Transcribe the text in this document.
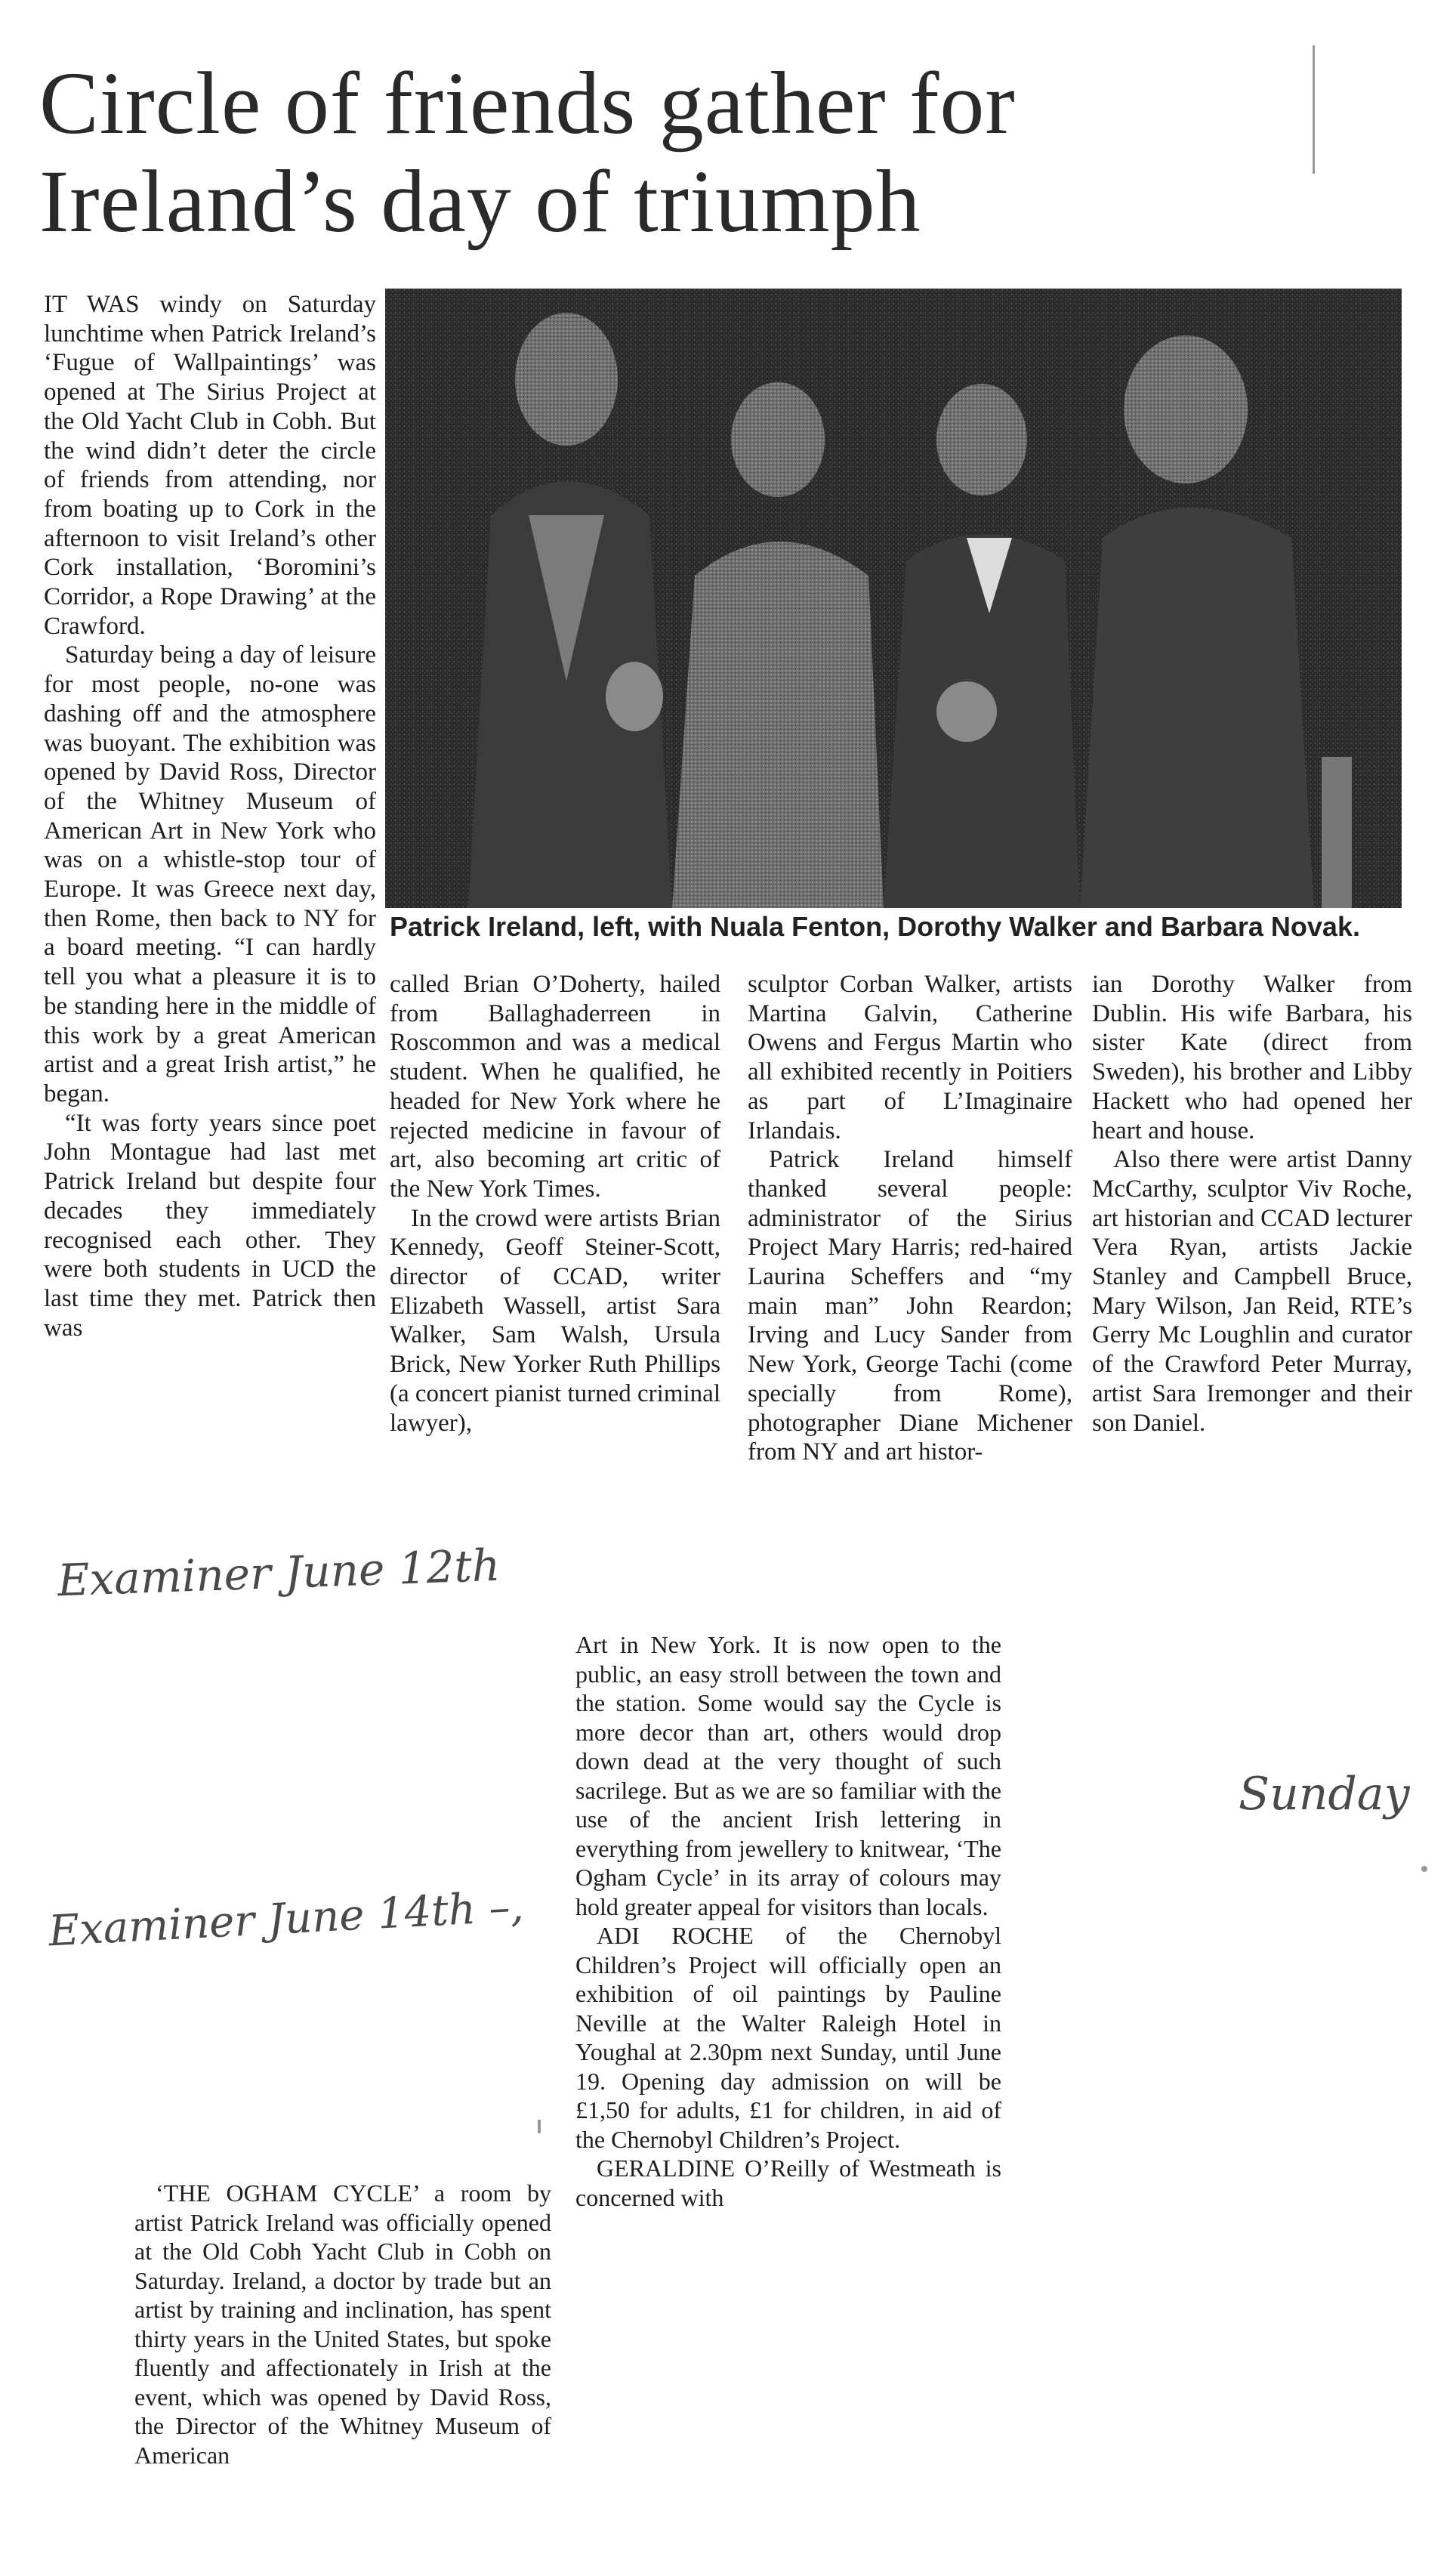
Circle of friends gather for
Ireland’s day of triumph

IT WAS windy on Saturday lunchtime when Patrick Ireland’s ‘Fugue of Wallpaintings’ was opened at The Sirius Project at the Old Yacht Club in Cobh. But the wind didn’t deter the circle of friends from attending, nor from boating up to Cork in the afternoon to visit Ireland’s other Cork installation, ‘Boromini’s Corridor, a Rope Drawing’ at the Crawford.

Saturday being a day of leisure for most people, no-one was dashing off and the atmosphere was buoyant. The exhibition was opened by David Ross, Director of the Whitney Museum of American Art in New York who was on a whistle-stop tour of Europe. It was Greece next day, then Rome, then back to NY for a board meeting. “I can hardly tell you what a pleasure it is to be standing here in the middle of this work by a great American artist and a great Irish artist,” he began.

“It was forty years since poet John Montague had last met Patrick Ireland but despite four decades they immediately recognised each other. They were both students in UCD the last time they met. Patrick then was

Patrick Ireland, left, with Nuala Fenton, Dorothy Walker and Barbara Novak.

called Brian O’Doherty, hailed from Ballaghaderreen in Roscommon and was a medical student. When he qualified, he headed for New York where he rejected medicine in favour of art, also becoming art critic of the New York Times.

In the crowd were artists Brian Kennedy, Geoff Steiner-Scott, director of CCAD, writer Elizabeth Wassell, artist Sara Walker, Sam Walsh, Ursula Brick, New Yorker Ruth Phillips (a concert pianist turned criminal lawyer),

sculptor Corban Walker, artists Martina Galvin, Catherine Owens and Fergus Martin who all exhibited recently in Poitiers as part of L’Imaginaire Irlandais.

Patrick Ireland himself thanked several people: administrator of the Sirius Project Mary Harris; red-haired Laurina Scheffers and “my main man” John Reardon; Irving and Lucy Sander from New York, George Tachi (come specially from Rome), photographer Diane Michener from NY and art histor-

ian Dorothy Walker from Dublin. His wife Barbara, his sister Kate (direct from Sweden), his brother and Libby Hackett who had opened her heart and house.

Also there were artist Danny McCarthy, sculptor Viv Roche, art historian and CCAD lecturer Vera Ryan, artists Jackie Stanley and Campbell Bruce, Mary Wilson, Jan Reid, RTE’s Gerry Mc Loughlin and curator of the Crawford Peter Murray, artist Sara Iremonger and their son Daniel.

Examiner June 12th

Sunday

Examiner June 14th –,

‘THE OGHAM CYCLE’ a room by artist Patrick Ireland was officially opened at the Old Cobh Yacht Club in Cobh on Saturday. Ireland, a doctor by trade but an artist by training and inclination, has spent thirty years in the United States, but spoke fluently and affectionately in Irish at the event, which was opened by David Ross, the Director of the Whitney Museum of American

Art in New York. It is now open to the public, an easy stroll between the town and the station. Some would say the Cycle is more decor than art, others would drop down dead at the very thought of such sacrilege. But as we are so familiar with the use of the ancient Irish lettering in everything from jewellery to knitwear, ‘The Ogham Cycle’ in its array of colours may hold greater appeal for visitors than locals.

ADI ROCHE of the Chernobyl Children’s Project will officially open an exhibition of oil paintings by Pauline Neville at the Walter Raleigh Hotel in Youghal at 2.30pm next Sunday, until June 19. Opening day admission on will be £1,50 for adults, £1 for children, in aid of the Chernobyl Children’s Project.

GERALDINE O’Reilly of Westmeath is concerned with
